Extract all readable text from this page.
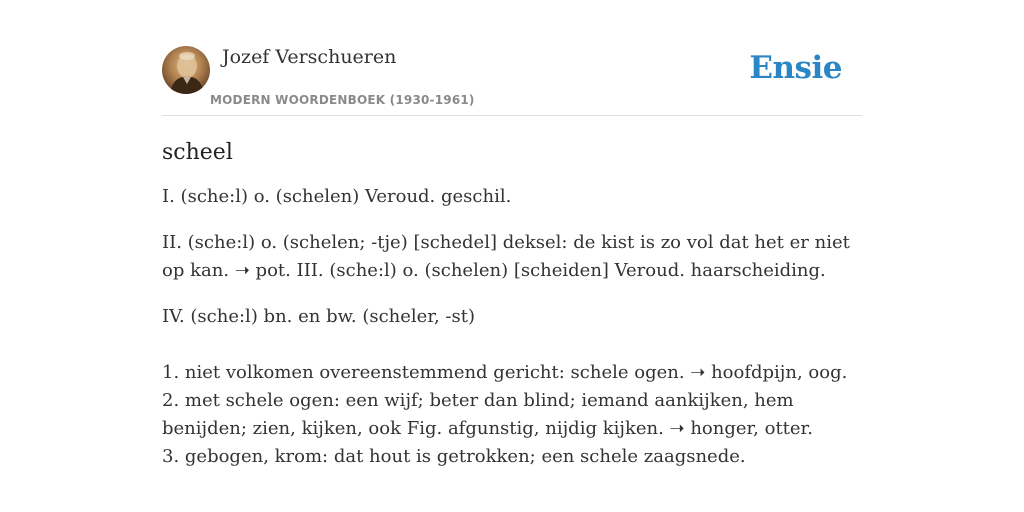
Jozef Verschueren
MODERN WOORDENBOEK (1930-1961)
Ensie
scheel

I. (sche:l) o. (schelen) Veroud. geschil.

II. (sche:l) o. (schelen; -tje) [schedel] deksel: de kist is zo vol dat het er niet op kan. ➝ pot. III. (sche:l) o. (schelen) [scheiden] Veroud. haarscheiding.

IV. (sche:l) bn. en bw. (scheler, -st)

1. niet volkomen overeenstemmend gericht: schele ogen. ➝ hoofdpijn, oog.
2. met schele ogen: een wijf; beter dan blind; iemand aankijken, hem benijden; zien, kijken, ook Fig. afgunstig, nijdig kijken. ➝ honger, otter.
3. gebogen, krom: dat hout is getrokken; een schele zaagsnede.
